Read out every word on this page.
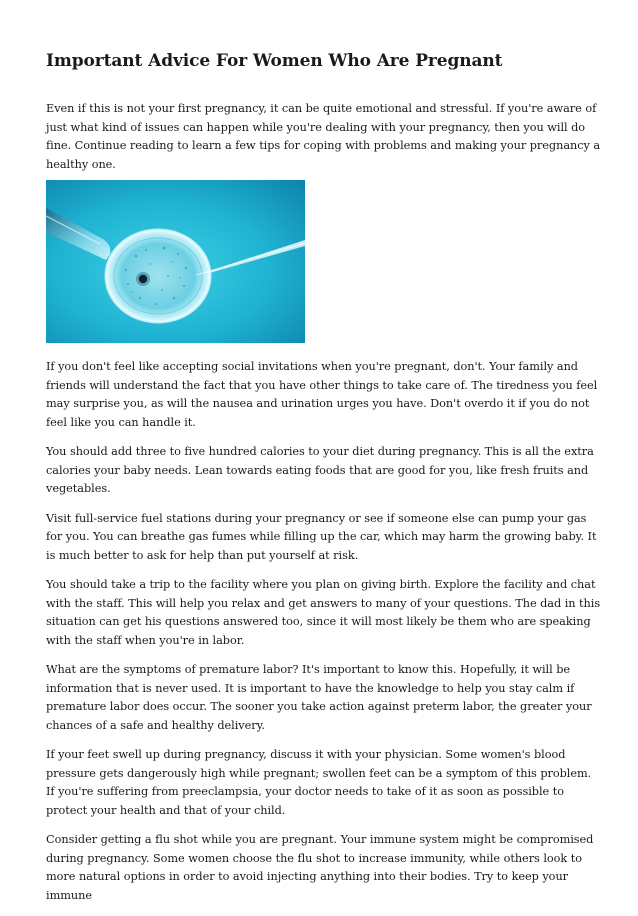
Important Advice For Women Who Are Pregnant

Even if this is not your first pregnancy, it can be quite emotional and stressful. If you're aware of just what kind of issues can happen while you're dealing with your pregnancy, then you will do fine. Continue reading to learn a few tips for coping with problems and making your pregnancy a healthy one.

If you don't feel like accepting social invitations when you're pregnant, don't. Your family and friends will understand the fact that you have other things to take care of. The tiredness you feel may surprise you, as will the nausea and urination urges you have. Don't overdo it if you do not feel like you can handle it.

You should add three to five hundred calories to your diet during pregnancy. This is all the extra calories your baby needs. Lean towards eating foods that are good for you, like fresh fruits and vegetables.

Visit full-service fuel stations during your pregnancy or see if someone else can pump your gas for you. You can breathe gas fumes while filling up the car, which may harm the growing baby. It is much better to ask for help than put yourself at risk.

You should take a trip to the facility where you plan on giving birth. Explore the facility and chat with the staff. This will help you relax and get answers to many of your questions. The dad in this situation can get his questions answered too, since it will most likely be them who are speaking with the staff when you're in labor.

What are the symptoms of premature labor? It's important to know this. Hopefully, it will be information that is never used. It is important to have the knowledge to help you stay calm if premature labor does occur. The sooner you take action against preterm labor, the greater your chances of a safe and healthy delivery.

If your feet swell up during pregnancy, discuss it with your physician. Some women's blood pressure gets dangerously high while pregnant; swollen feet can be a symptom of this problem. If you're suffering from preeclampsia, your doctor needs to take of it as soon as possible to protect your health and that of your child.

Consider getting a flu shot while you are pregnant. Your immune system might be compromised during pregnancy. Some women choose the flu shot to increase immunity, while others look to more natural options in order to avoid injecting anything into their bodies. Try to keep your immune
